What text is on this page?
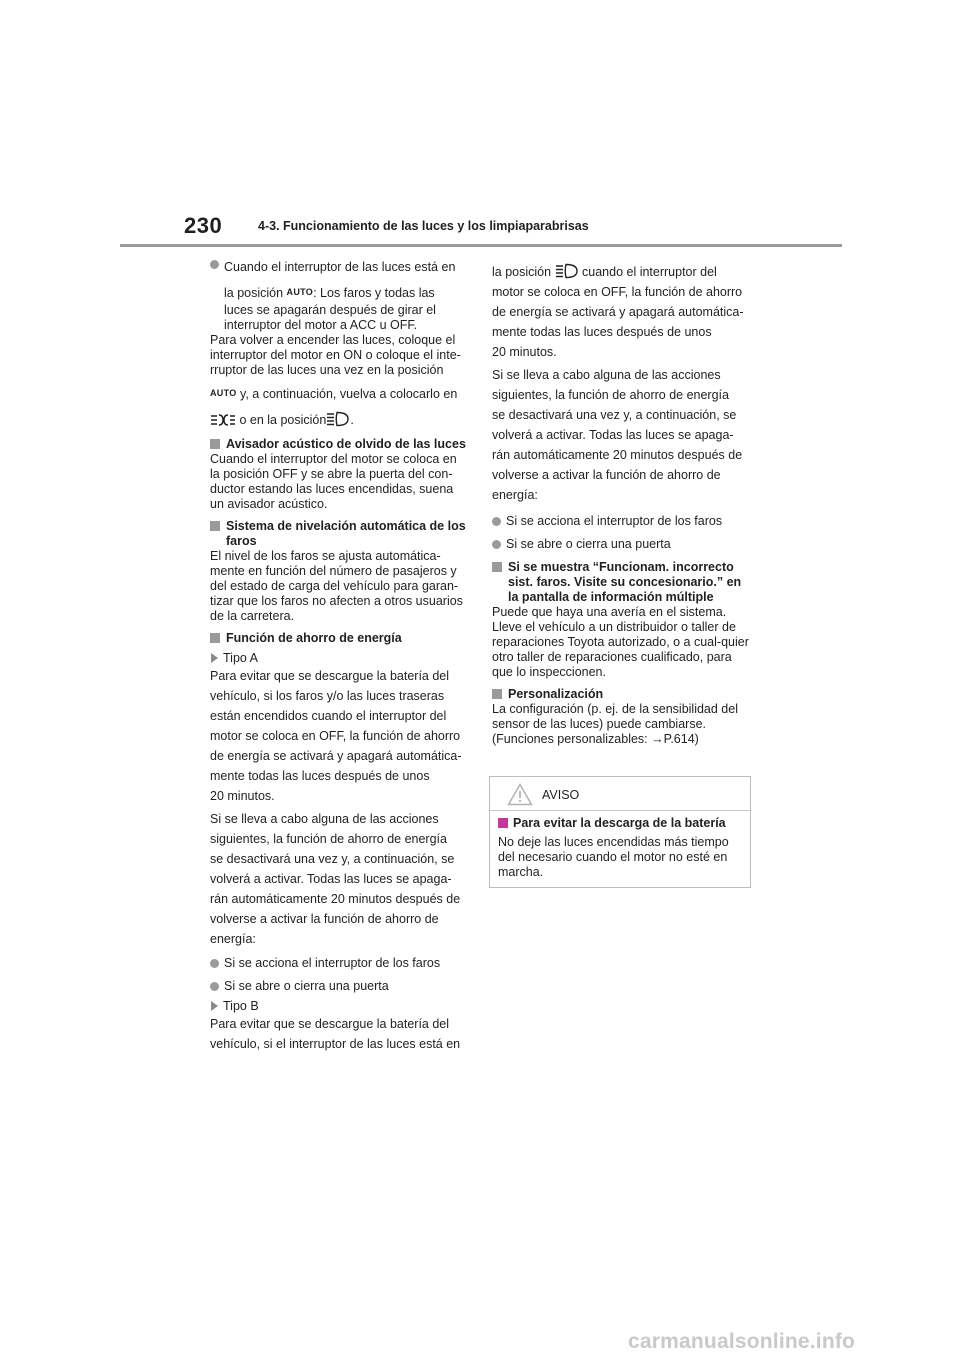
230	4-3. Funcionamiento de las luces y los limpiaparabrisas

Cuando el interruptor de las luces está en

la posición AUTO: Los faros y todas las

luces se apagarán después de girar el interruptor del motor a ACC u OFF.

Para volver a encender las luces, coloque el interruptor del motor en ON o coloque el inte-rruptor de las luces una vez en la posición

AUTO y, a continuación, vuelva a colocarlo en

o en la posición .

Avisador acústico de olvido de las luces

Cuando el interruptor del motor se coloca en la posición OFF y se abre la puerta del con-ductor estando las luces encendidas, suena un avisador acústico.

Sistema de nivelación automática de los faros

El nivel de los faros se ajusta automática-mente en función del número de pasajeros y del estado de carga del vehículo para garan-tizar que los faros no afecten a otros usuarios de la carretera.

Función de ahorro de energía

Tipo A

Para evitar que se descargue la batería del
vehículo, si los faros y/o las luces traseras
están encendidos cuando el interruptor del
motor se coloca en OFF, la función de ahorro
de energía se activará y apagará automática-
mente todas las luces después de unos
20 minutos.
Si se lleva a cabo alguna de las acciones
siguientes, la función de ahorro de energía
se desactivará una vez y, a continuación, se
volverá a activar. Todas las luces se apaga-
rán automáticamente 20 minutos después de
volverse a activar la función de ahorro de
energía:

Si se acciona el interruptor de los faros

Si se abre o cierra una puerta

Tipo B

Para evitar que se descargue la batería del
vehículo, si el interruptor de las luces está en
la posición  cuando el interruptor del
motor se coloca en OFF, la función de ahorro
de energía se activará y apagará automática-
mente todas las luces después de unos
20 minutos.
Si se lleva a cabo alguna de las acciones
siguientes, la función de ahorro de energía
se desactivará una vez y, a continuación, se
volverá a activar. Todas las luces se apaga-
rán automáticamente 20 minutos después de
volverse a activar la función de ahorro de
energía:

Si se acciona el interruptor de los faros

Si se abre o cierra una puerta

Si se muestra “Funcionam. incorrecto sist. faros. Visite su concesionario.” en la pantalla de información múltiple

Puede que haya una avería en el sistema. Lleve el vehículo a un distribuidor o taller de reparaciones Toyota autorizado, o a cual-quier otro taller de reparaciones cualificado, para que lo inspeccionen.

Personalización

La configuración (p. ej. de la sensibilidad del sensor de las luces) puede cambiarse. (Funciones personalizables: →P.614)

AVISO

Para evitar la descarga de la batería

No deje las luces encendidas más tiempo del necesario cuando el motor no esté en marcha.

carmanualsonline.info
